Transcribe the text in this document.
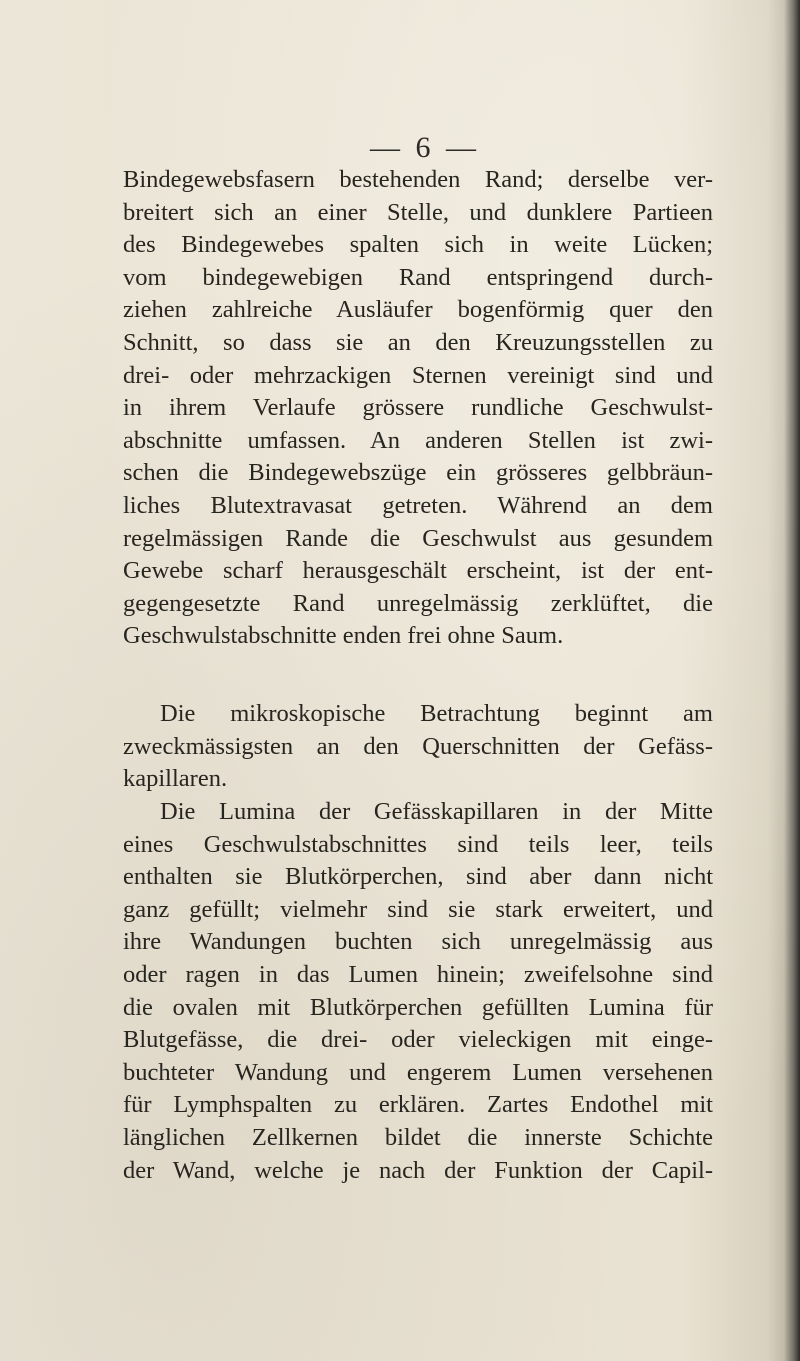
— 6 —
Bindegewebsfasern bestehenden Rand; derselbe ver-
breitert sich an einer Stelle, und dunklere Partieen
des Bindegewebes spalten sich in weite Lücken;
vom bindegewebigen Rand entspringend durch-
ziehen zahlreiche Ausläufer bogenförmig quer den
Schnitt, so dass sie an den Kreuzungsstellen zu
drei- oder mehrzackigen Sternen vereinigt sind und
in ihrem Verlaufe grössere rundliche Geschwulst-
abschnitte umfassen. An anderen Stellen ist zwi-
schen die Bindegewebszüge ein grösseres gelbbräun-
liches Blutextravasat getreten. Während an dem
regelmässigen Rande die Geschwulst aus gesundem
Gewebe scharf herausgeschält erscheint, ist der ent-
gegengesetzte Rand unregelmässig zerklüftet, die
Geschwulstabschnitte enden frei ohne Saum.
Die mikroskopische Betrachtung beginnt am
zweckmässigsten an den Querschnitten der Gefäss-
kapillaren.
Die Lumina der Gefässkapillaren in der Mitte
eines Geschwulstabschnittes sind teils leer, teils
enthalten sie Blutkörperchen, sind aber dann nicht
ganz gefüllt; vielmehr sind sie stark erweitert, und
ihre Wandungen buchten sich unregelmässig aus
oder ragen in das Lumen hinein; zweifelsohne sind
die ovalen mit Blutkörperchen gefüllten Lumina für
Blutgefässe, die drei- oder vieleckigen mit einge-
buchteter Wandung und engerem Lumen versehenen
für Lymphspalten zu erklären. Zartes Endothel mit
länglichen Zellkernen bildet die innerste Schichte
der Wand, welche je nach der Funktion der Capil-
